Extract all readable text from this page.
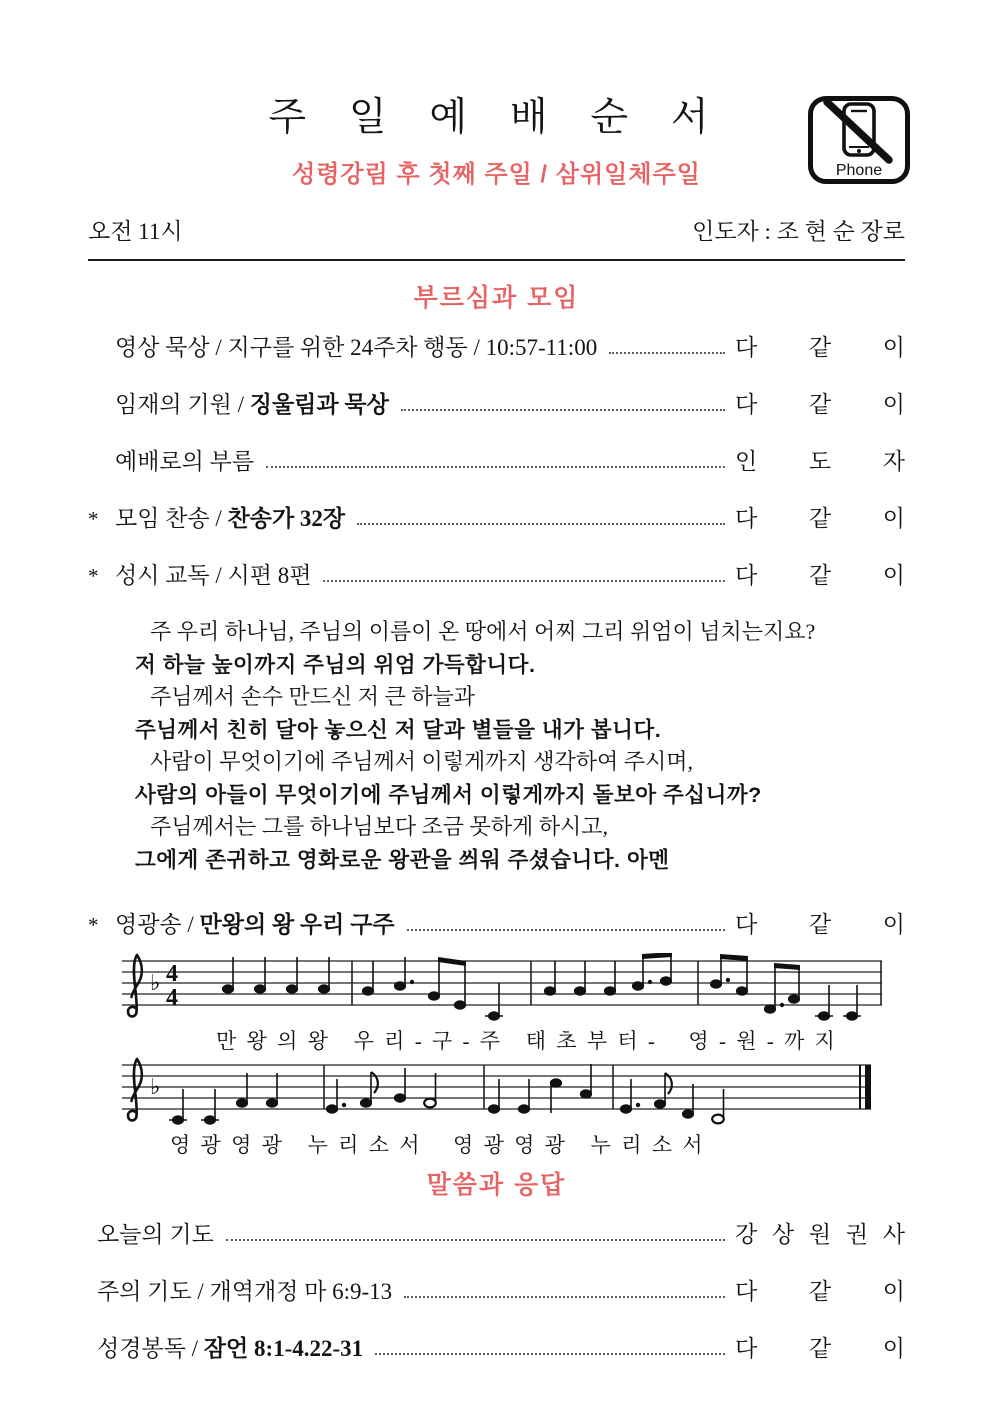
주 일 예 배 순 서
성령강림 후 첫째 주일 / 삼위일체주일	Phone
오전 11시	인도자 : 조 현 순 장로
부르심과 모임
영상 묵상 / 지구를 위한 24주차 행동 / 10:57-11:00	다 같 이
임재의 기원 / 징울림과 묵상	다 같 이
예배로의 부름	인 도 자
* 모임 찬송 / 찬송가 32장	다 같 이
* 성시 교독 / 시편 8편	다 같 이

주 우리 하나님, 주님의 이름이 온 땅에서 어찌 그리 위엄이 넘치는지요?

저 하늘 높이까지 주님의 위엄 가득합니다.

주님께서 손수 만드신 저 큰 하늘과

주님께서 친히 달아 놓으신 저 달과 별들을 내가 봅니다.

사람이 무엇이기에 주님께서 이렇게까지 생각하여 주시며,

사람의 아들이 무엇이기에 주님께서 이렇게까지 돌보아 주십니까?

주님께서는 그를 하나님보다 조금 못하게 하시고,

그에게 존귀하고 영화로운 왕관을 씌워 주셨습니다. 아멘

* 영광송 / 만왕의 왕 우리 구주	다 같 이
♭ 4
4
만 왕 의 왕   우 리 - 구 - 주   태 초 부 터 -    영 - 원 - 까 지
♭
영 광 영 광   누 리 소 서    영 광 영 광   누 리 소 서
말씀과 응답
오늘의 기도	강 상 원 권 사
주의 기도 / 개역개정 마 6:9-13	다 같 이
성경봉독 / 잠언 8:1-4.22-31	다 같 이
